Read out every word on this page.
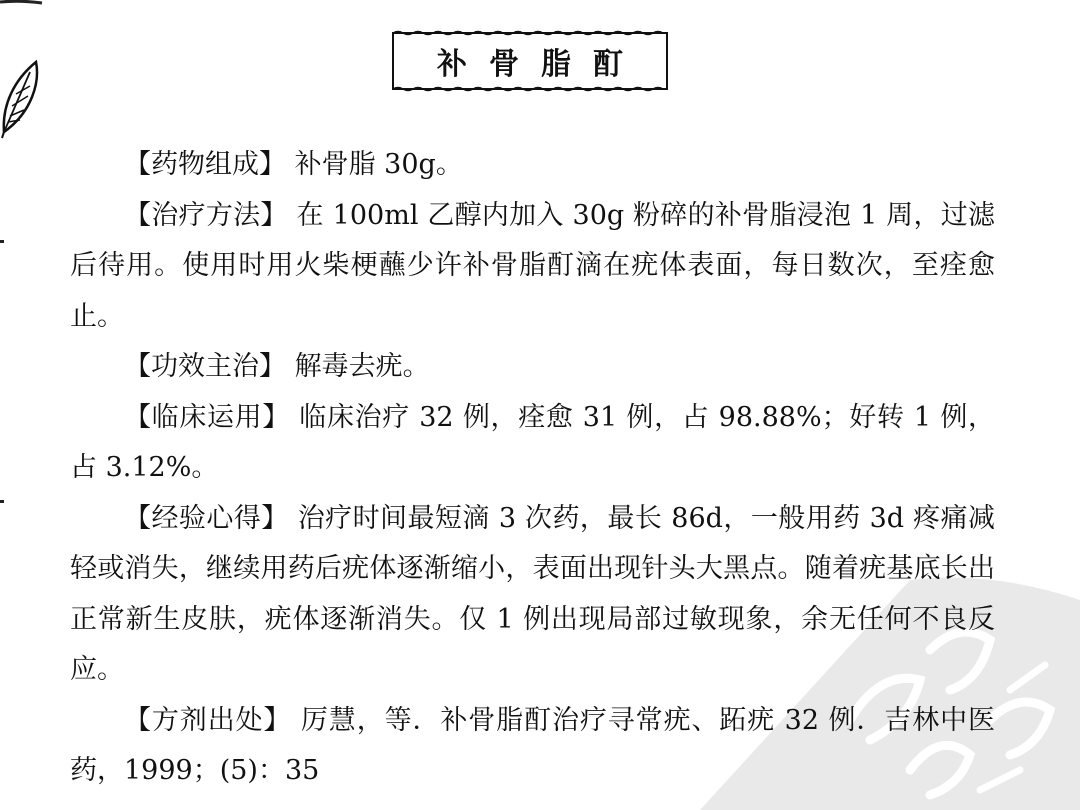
补骨脂酊

【药物组成】 补骨脂 30g。

【治疗方法】 在 100ml 乙醇内加入 30g 粉碎的补骨脂浸泡 1 周，过滤后待用。使用时用火柴梗蘸少许补骨脂酊滴在疣体表面，每日数次，至痊愈止。

【功效主治】 解毒去疣。

【临床运用】 临床治疗 32 例，痊愈 31 例，占 98.88%；好转 1 例，占 3.12%。

【经验心得】 治疗时间最短滴 3 次药，最长 86d，一般用药 3d 疼痛减轻或消失，继续用药后疣体逐渐缩小，表面出现针头大黑点。随着疣基底长出正常新生皮肤，疣体逐渐消失。仅 1 例出现局部过敏现象，余无任何不良反应。

【方剂出处】 厉慧，等．补骨脂酊治疗寻常疣、跖疣 32 例．吉林中医药，1999；(5)：35
